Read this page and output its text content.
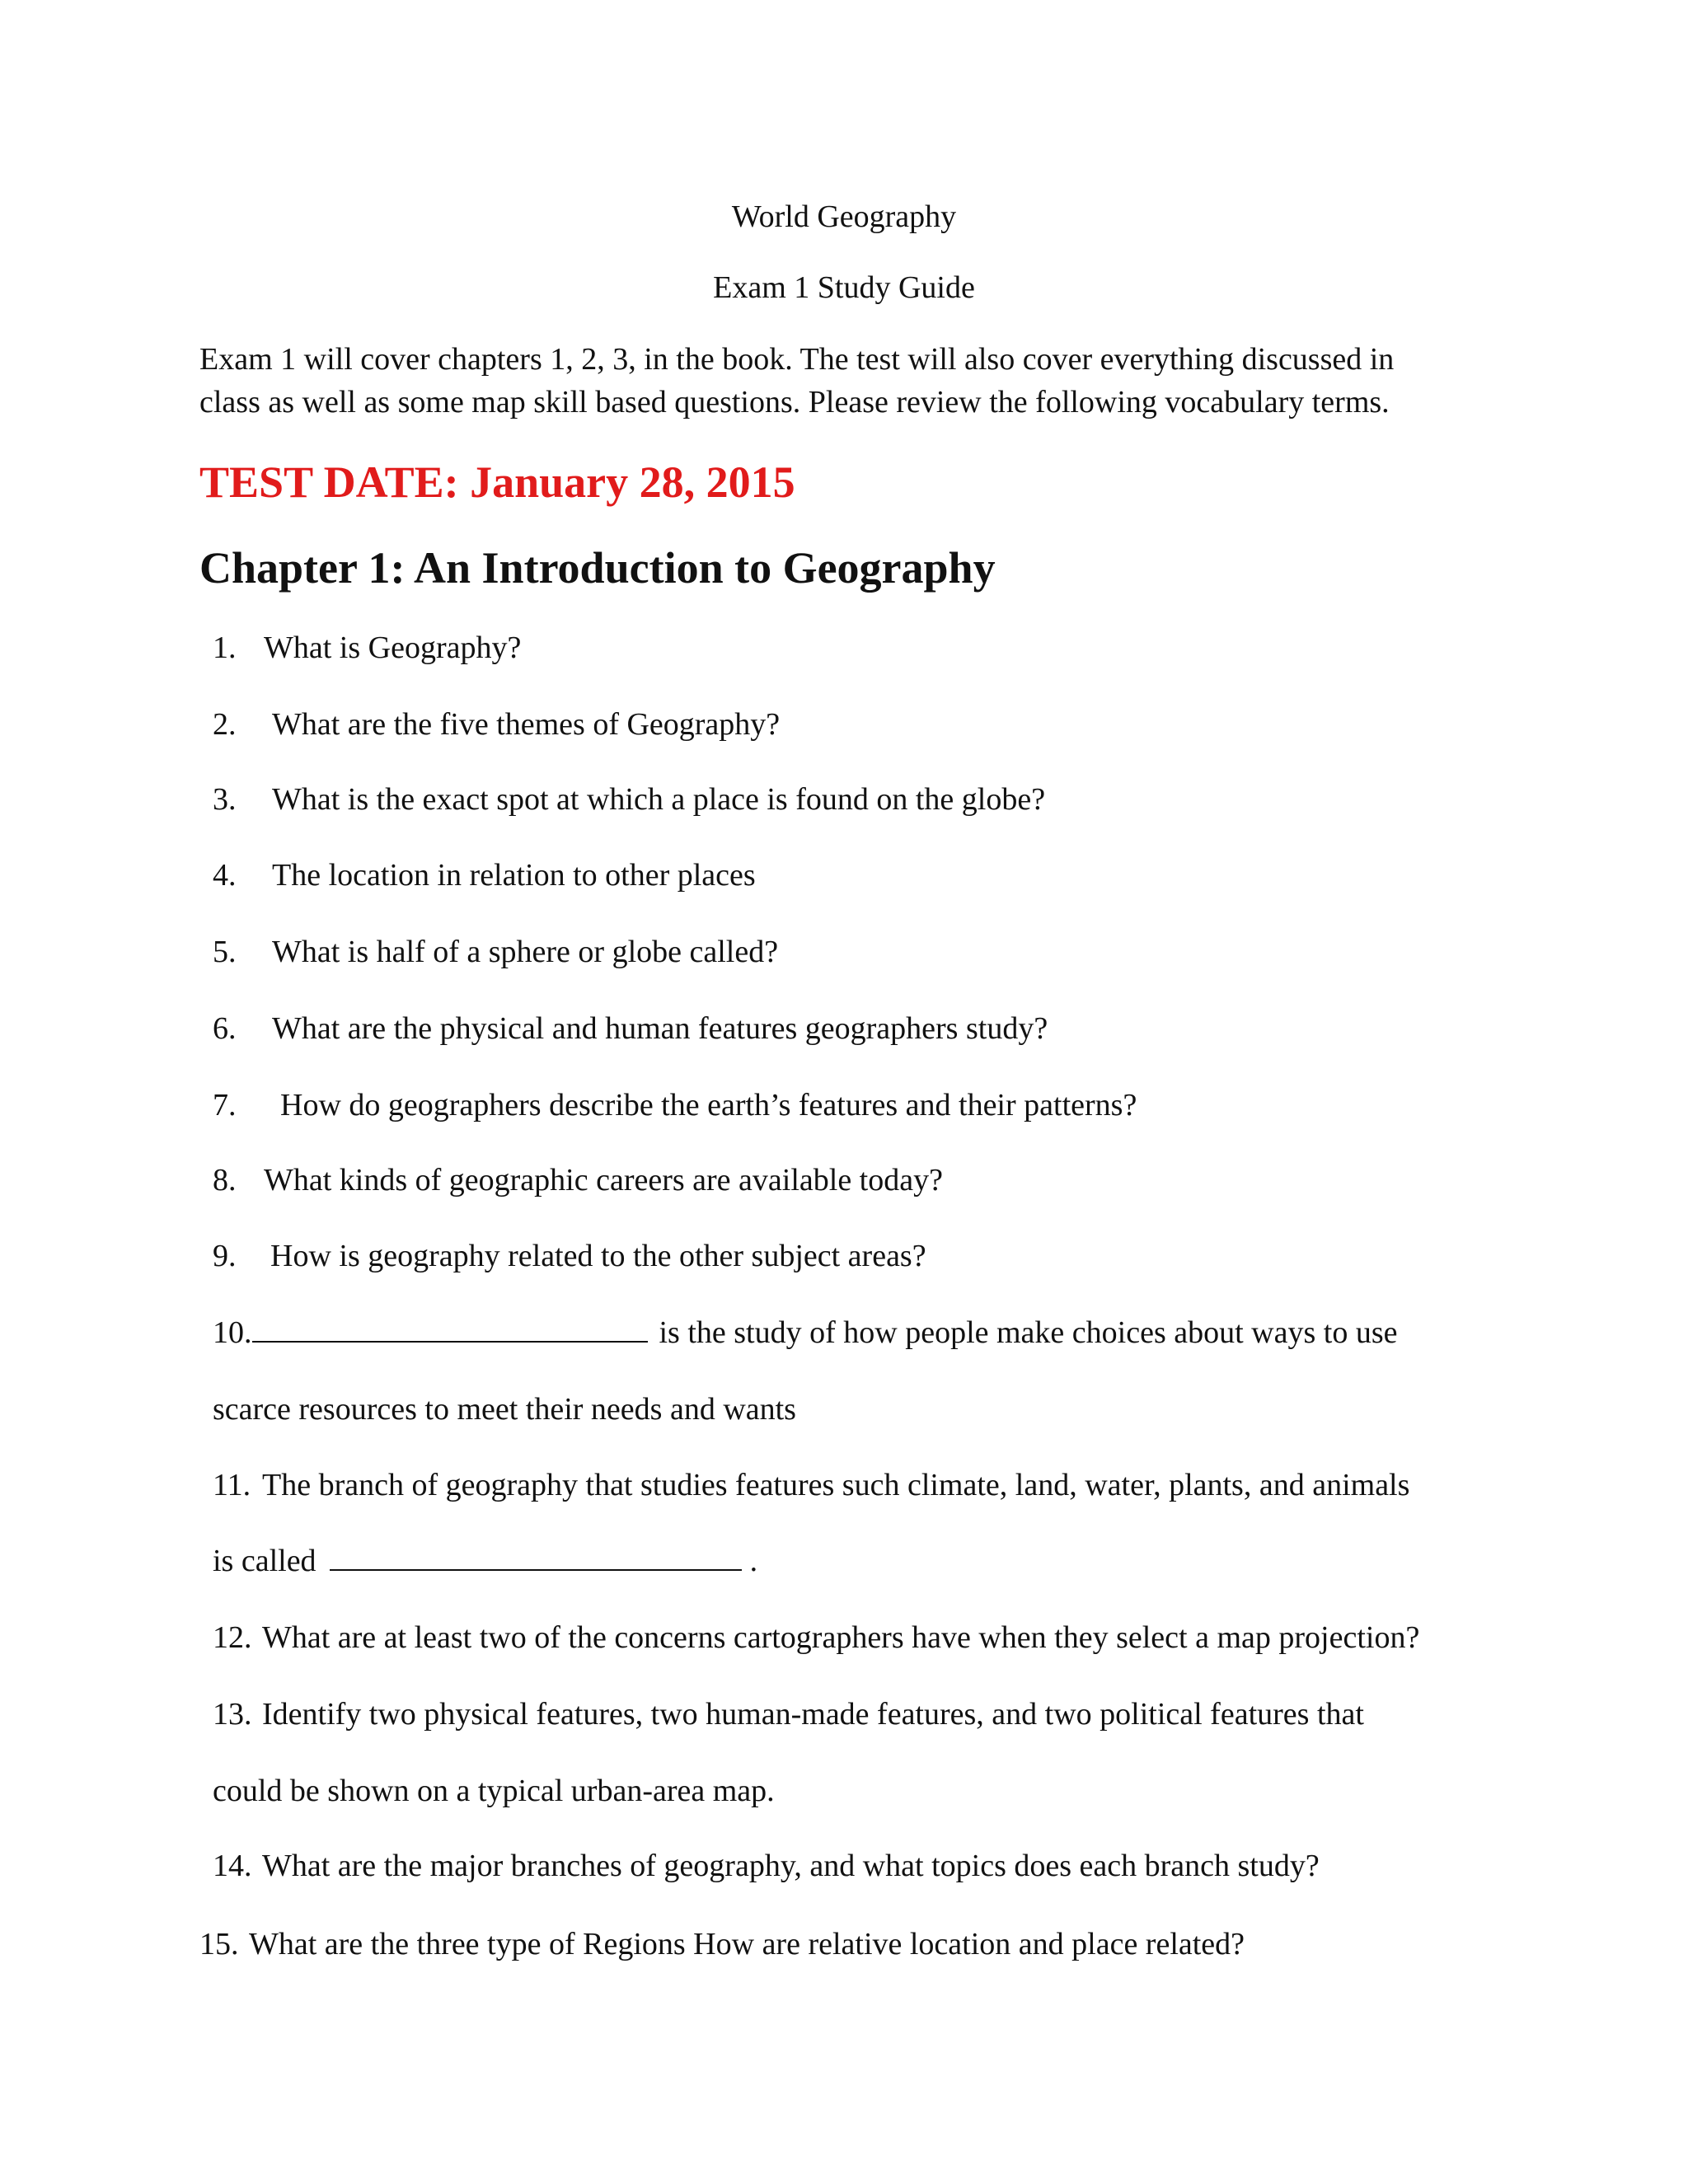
World Geography
Exam 1 Study Guide

Exam 1 will cover chapters 1, 2, 3, in the book. The test will also cover everything discussed in

class as well as some map skill based questions. Please review the following vocabulary terms.

TEST DATE: January 28, 2015
Chapter 1: An Introduction to Geography
1. What is Geography?
2. What are the five themes of Geography?
3. What is the exact spot at which a place is found on the globe?
4. The location in relation to other places
5. What is half of a sphere or globe called?
6. What are the physical and human features geographers study?
7. How do geographers describe the earth’s features and their patterns?
8. What kinds of geographic careers are available today?
9. How is geography related to the other subject areas?
10.	is the study of how people make choices about ways to use
scarce resources to meet their needs and wants
11. The branch of geography that studies features such climate, land, water, plants, and animals
is called	.
12. What are at least two of the concerns cartographers have when they select a map projection?
13. Identify two physical features, two human-made features, and two political features that
could be shown on a typical urban-area map.
14. What are the major branches of geography, and what topics does each branch study?
15. What are the three type of Regions How are relative location and place related?
